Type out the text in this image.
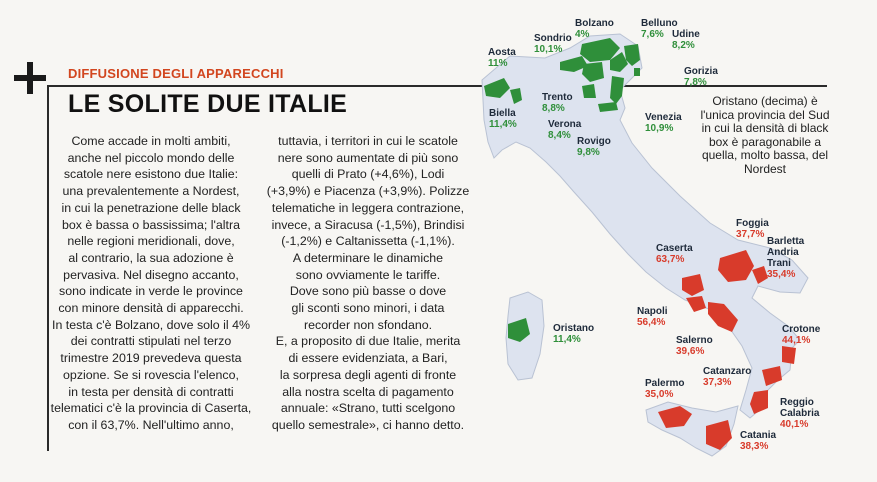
DIFFUSIONE DEGLI APPARECCHI
LE SOLITE DUE ITALIE
Come accade in molti ambiti,
anche nel piccolo mondo delle
scatole nere esistono due Italie:
una prevalentemente a Nordest,
in cui la penetrazione delle black
box è bassa o bassissima; l'altra
nelle regioni meridionali, dove,
al contrario, la sua adozione è
pervasiva. Nel disegno accanto,
sono indicate in verde le province
con minore densità di apparecchi.
In testa c'è Bolzano, dove solo il 4%
dei contratti stipulati nel terzo
trimestre 2019 prevedeva questa
opzione. Se si rovescia l'elenco,
in testa per densità di contratti
telematici c'è la provincia di Caserta,
con il 63,7%. Nell'ultimo anno,
tuttavia, i territori in cui le scatole
nere sono aumentate di più sono
quelli di Prato (+4,6%), Lodi
(+3,9%) e Piacenza (+3,9%). Polizze
telematiche in leggera contrazione,
invece, a Siracusa (-1,5%), Brindisi
(-1,2%) e Caltanissetta (-1,1%).
A determinare le dinamiche
sono ovviamente le tariffe.
Dove sono più basse o dove
gli sconti sono minori, i data
recorder non sfondano.
E, a proposito di due Italie, merita
di essere evidenziata, a Bari,
la sorpresa degli agenti di fronte
alla nostra scelta di pagamento
annuale: «Strano, tutti scelgono
quello semestrale», ci hanno detto.
Oristano (decima) è l'unica provincia del Sud in cui la densità di black box è paragonabile a quella, molto bassa, del Nordest
Aosta
11%
Sondrio
10,1%
Bolzano
4%
Belluno
7,6% Udine
8,2%
Gorizia
7,8%
Trento
8,8%
Verona
8,4%
Rovigo
9,8%
Venezia
10,9%
Biella
11,4%
Oristano
11,4%
Foggia
37,7%
Barletta
Andria
Trani
35,4%
Caserta
63,7%
Napoli
56,4%
Salerno
39,6%
Crotone
44,1%
Catanzaro
37,3%
Palermo
35,0%
Reggio
Calabria
40,1%
Catania
38,3%
